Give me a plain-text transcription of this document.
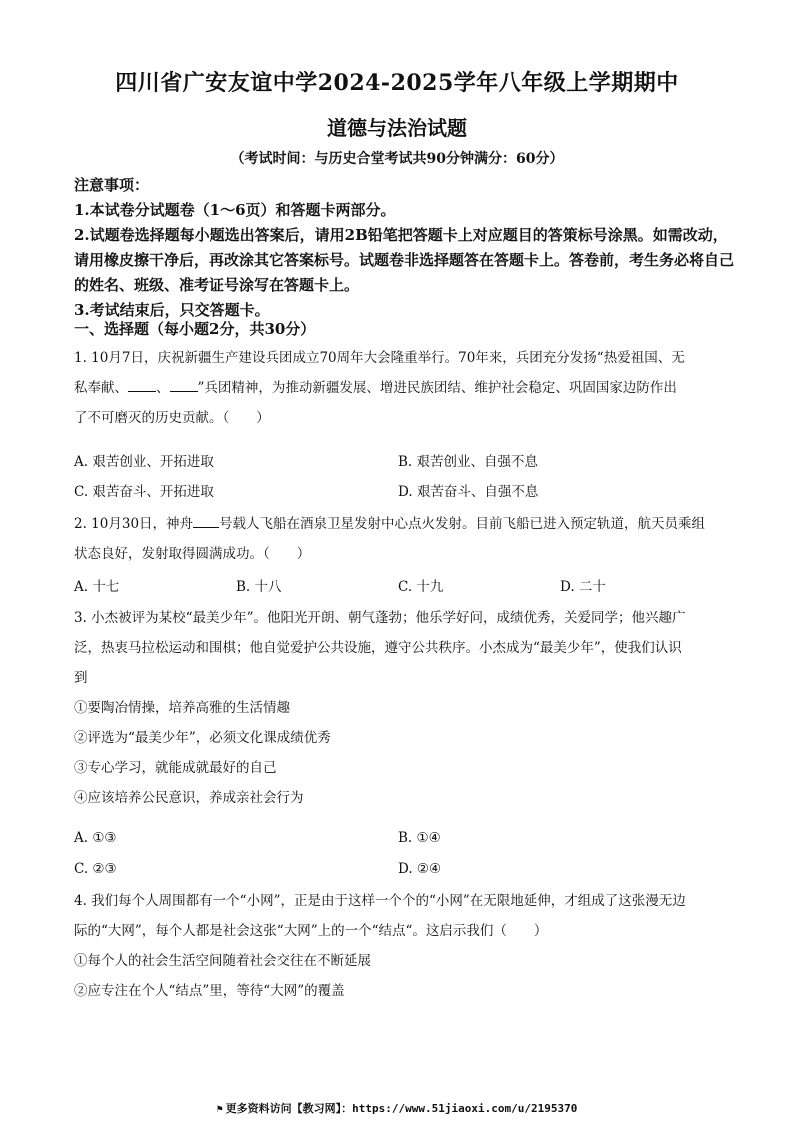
四川省广安友谊中学2024-2025学年八年级上学期期中
道德与法治试题
（考试时间：与历史合堂考试共90分钟满分：60分）

注意事项：

1.本试卷分试题卷（1～6页）和答题卡两部分。

2.试题卷选择题每小题选出答案后，请用2B铅笔把答题卡上对应题目的答策标号涂黑。如需改动，请用橡皮擦干净后，再改涂其它答案标号。试题卷非选择题答在答题卡上。答卷前，考生务必将自己的姓名、班级、准考证号涂写在答题卡上。

3.考试结束后，只交答题卡。

一、选择题（每小题2分，共30分）

1. 10月7日，庆祝新疆生产建设兵团成立70周年大会隆重举行。70年来，兵团充分发扬“热爱祖国、无

私奉献、 、 ”兵团精神，为推动新疆发展、增进民族团结、维护社会稳定、巩固国家边防作出

了不可磨灭的历史贡献。（　　）

A. 艰苦创业、开拓进取	B. 艰苦创业、自强不息
C. 艰苦奋斗、开拓进取	D. 艰苦奋斗、自强不息

2. 10月30日，神舟 号载人飞船在酒泉卫星发射中心点火发射。目前飞船已进入预定轨道，航天员乘组

状态良好，发射取得圆满成功。（　　）

A. 十七	B. 十八	C. 十九	D. 二十

3. 小杰被评为某校“最美少年”。他阳光开朗、朝气蓬勃；他乐学好问，成绩优秀，关爱同学；他兴趣广

泛，热衷马拉松运动和围棋；他自觉爱护公共设施，遵守公共秩序。小杰成为“最美少年”，使我们认识

到

①要陶冶情操，培养高雅的生活情趣

②评选为“最美少年”，必须文化课成绩优秀

③专心学习，就能成就最好的自己

④应该培养公民意识，养成亲社会行为

A. ①③	B. ①④
C. ②③	D. ②④

4. 我们每个人周围都有一个“小网”，正是由于这样一个个的“小网”在无限地延伸，才组成了这张漫无边

际的“大网”，每个人都是社会这张“大网”上的一个“结点“。这启示我们（　　）

①每个人的社会生活空间随着社会交往在不断延展

②应专注在个人“结点”里，等待“大网”的覆盖

⚑ 更多资料访问【教习网】：https://www.51jiaoxi.com/u/2195370
